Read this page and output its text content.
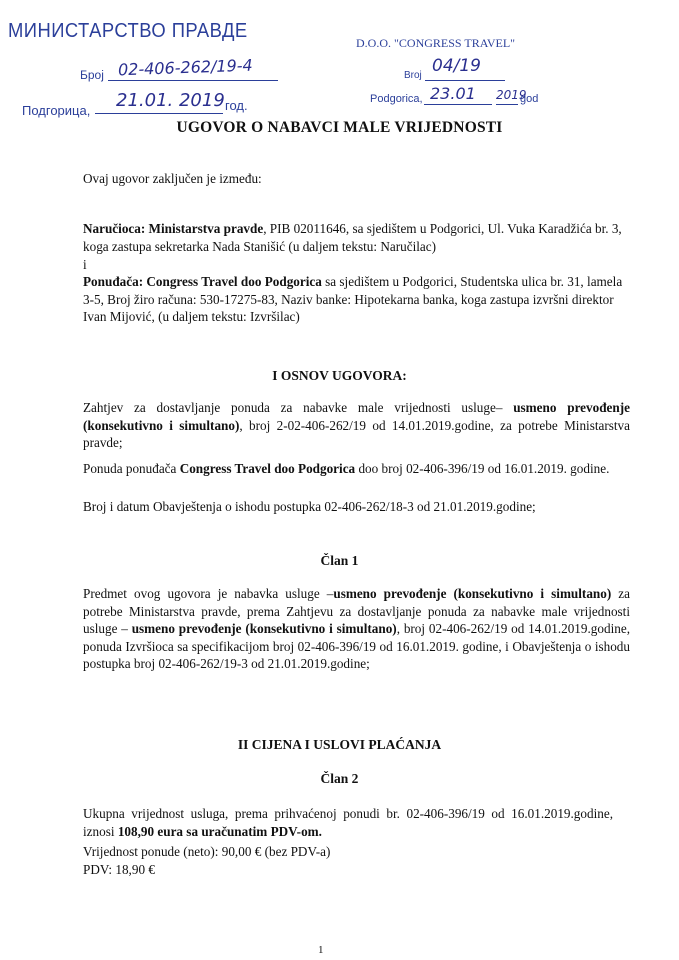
МИНИСТАРСТВО ПРАВДЕ
Број 02-406-262/19-4
Подгорица, 21.01. 2019 год.
D.O.O. "CONGRESS TRAVEL"
Broj 04/19
Podgorica, 23.01 2019
god
UGOVOR O NABAVCI MALE VRIJEDNOSTI
Ovaj ugovor zaključen je između:
Naručioca: Ministarstva pravde, PIB 02011646, sa sjedištem u Podgorici, Ul. Vuka Karadžića br. 3, koga zastupa sekretarka Nada Stanišić (u daljem tekstu: Naručilac)
i
Ponuđača: Congress Travel doo Podgorica sa sjedištem u Podgorici, Studentska ulica br. 31, lamela 3-5, Broj žiro računa: 530-17275-83, Naziv banke: Hipotekarna banka, koga zastupa izvršni direktor Ivan Mijović, (u daljem tekstu: Izvršilac)
I OSNOV UGOVORA:
Zahtjev za dostavljanje ponuda za nabavke male vrijednosti usluge– usmeno prevođenje (konsekutivno i simultano), broj 2-02-406-262/19 od 14.01.2019.godine, za potrebe Ministarstva pravde;
Ponuda ponuđača Congress Travel doo Podgorica doo broj 02-406-396/19 od 16.01.2019. godine.
Broj i datum Obavještenja o ishodu postupka 02-406-262/18-3 od 21.01.2019.godine;
Član 1
Predmet ovog ugovora je nabavka usluge –usmeno prevođenje (konsekutivno i simultano) za potrebe Ministarstva pravde, prema Zahtjevu za dostavljanje ponuda za nabavke male vrijednosti usluge – usmeno prevođenje (konsekutivno i simultano), broj 02-406-262/19 od 14.01.2019.godine, ponuda Izvršioca sa specifikacijom broj 02-406-396/19 od 16.01.2019. godine, i Obavještenja o ishodu postupka broj 02-406-262/19-3 od 21.01.2019.godine;
II CIJENA I USLOVI PLAĆANJA
Član 2
Ukupna vrijednost usluga, prema prihvaćenoj ponudi br. 02-406-396/19 od 16.01.2019.godine, iznosi 108,90 eura sa uračunatim PDV-om.
Vrijednost ponude (neto): 90,00 € (bez PDV-a)
PDV: 18,90 €
1
